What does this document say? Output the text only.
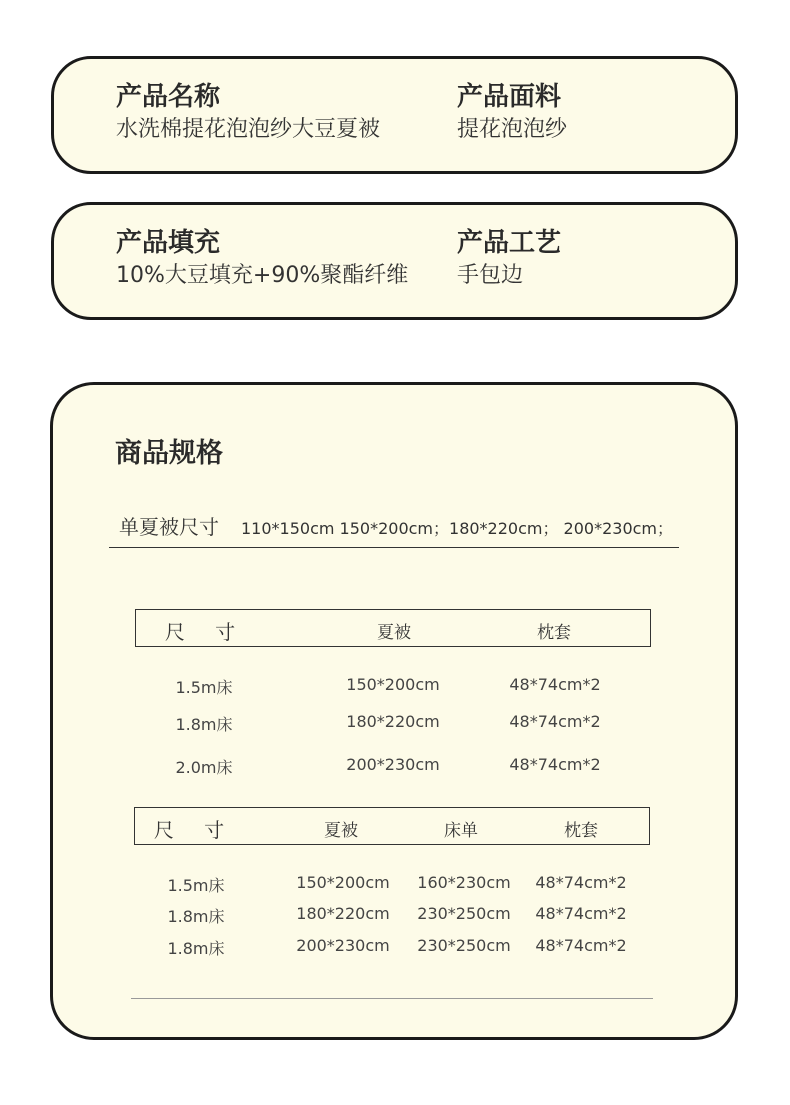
产品名称
水洗棉提花泡泡纱大豆夏被
产品面料
提花泡泡纱
产品填充
10%大豆填充+90%聚酯纤维
产品工艺
手包边
商品规格
单夏被尺寸 110*150cm 150*200cm；180*220cm； 200*230cm；
尺 寸	夏被	枕套
1.5m床	150*200cm	48*74cm*2
1.8m床	180*220cm	48*74cm*2
2.0m床	200*230cm	48*74cm*2
尺 寸	夏被	床单	枕套
1.5m床	150*200cm 160*230cm 48*74cm*2
1.8m床	180*220cm 230*250cm 48*74cm*2
1.8m床	200*230cm 230*250cm 48*74cm*2
